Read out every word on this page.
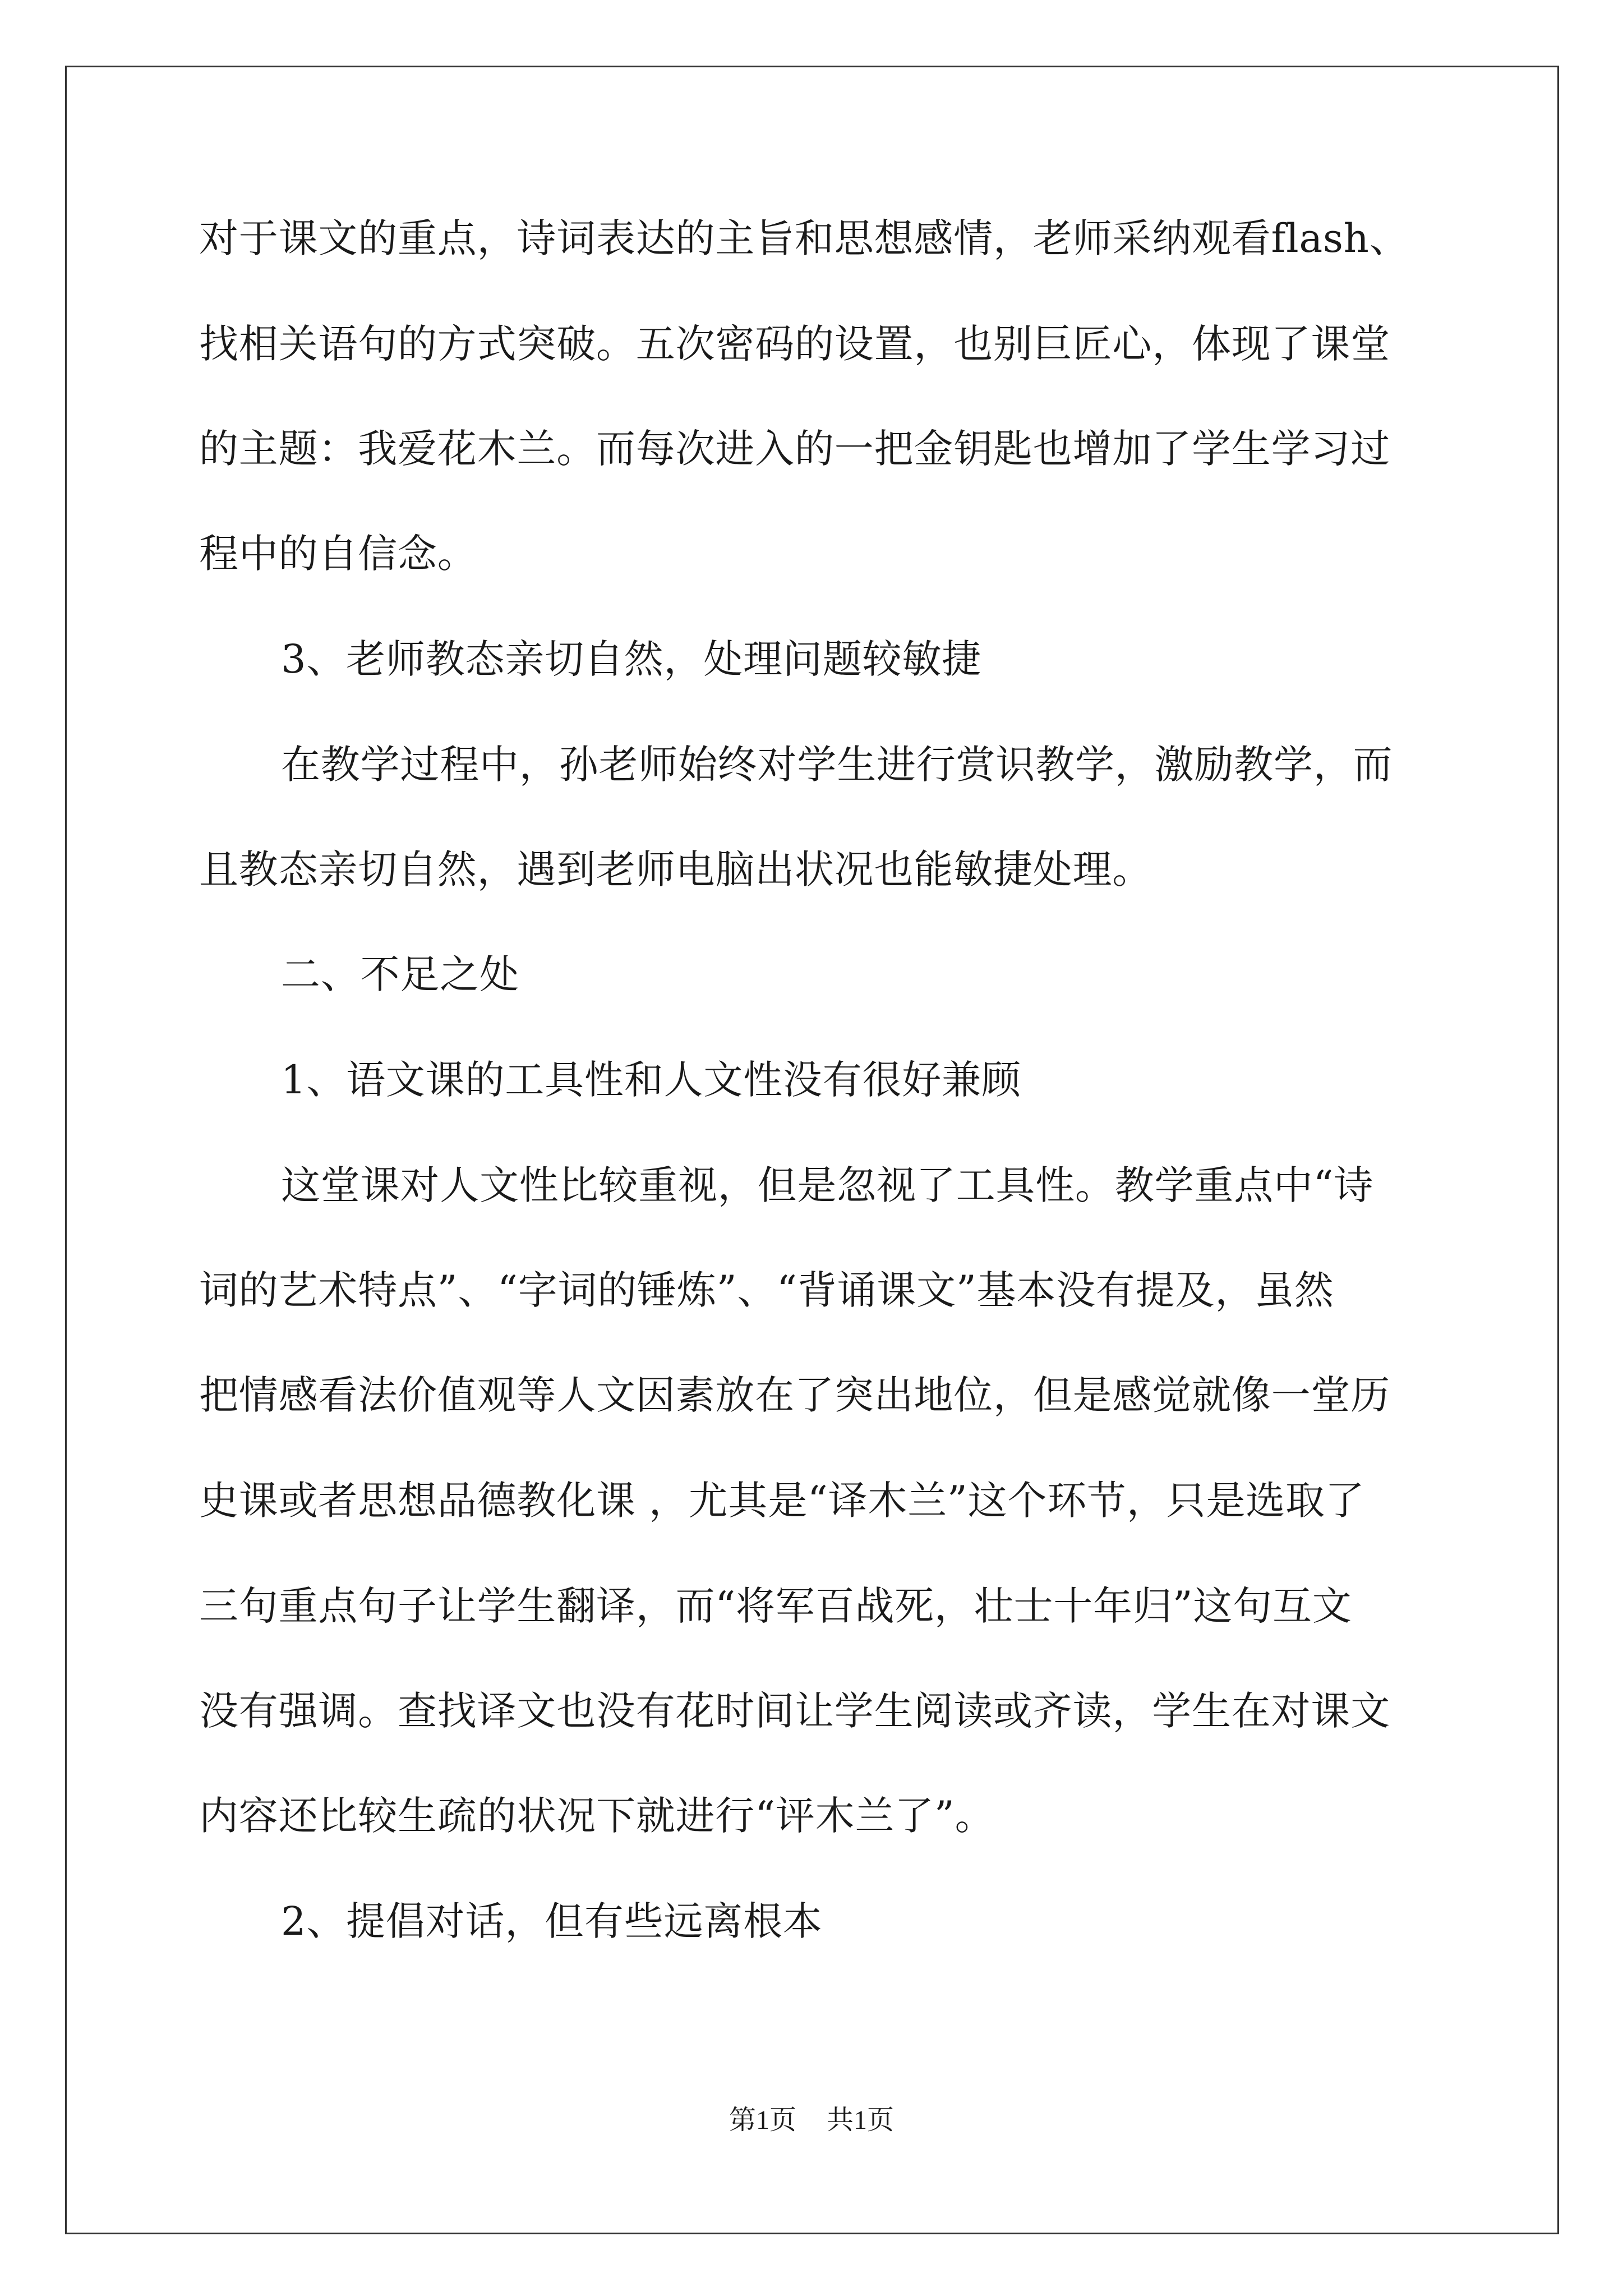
对于课文的重点，诗词表达的主旨和思想感情，老师采纳观看flash、
找相关语句的方式突破。五次密码的设置，也别巨匠心，体现了课堂
的主题：我爱花木兰。而每次进入的一把金钥匙也增加了学生学习过
程中的自信念。
3、老师教态亲切自然，处理问题较敏捷
在教学过程中，孙老师始终对学生进行赏识教学，激励教学，而
且教态亲切自然，遇到老师电脑出状况也能敏捷处理。
二、不足之处
1、语文课的工具性和人文性没有很好兼顾
这堂课对人文性比较重视，但是忽视了工具性。教学重点中“诗
词的艺术特点”、“字词的锤炼”、“背诵课文”基本没有提及，虽然
把情感看法价值观等人文因素放在了突出地位，但是感觉就像一堂历
史课或者思想品德教化课 ，尤其是“译木兰”这个环节，只是选取了
三句重点句子让学生翻译，而“将军百战死，壮士十年归”这句互文
没有强调。查找译文也没有花时间让学生阅读或齐读，学生在对课文
内容还比较生疏的状况下就进行“评木兰了”。
2、提倡对话，但有些远离根本
第1页 共1页
